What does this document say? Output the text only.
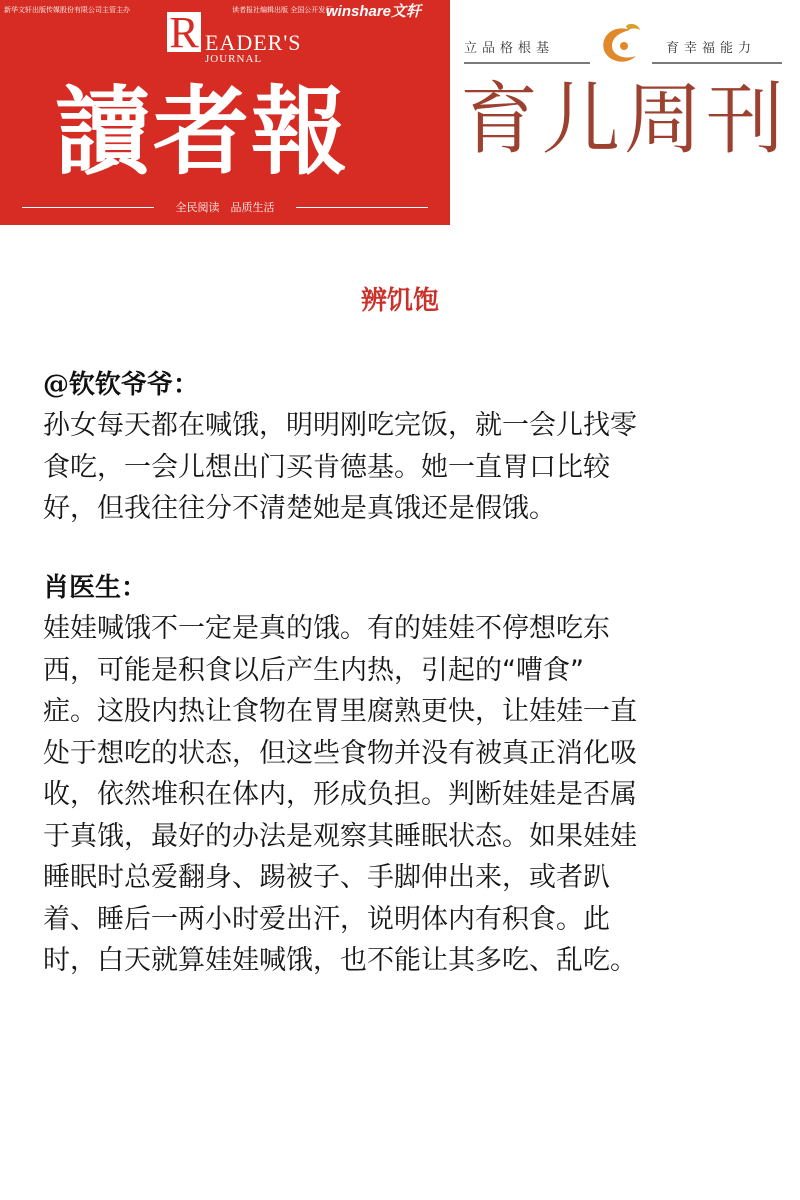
新华文轩出版传媒股份有限公司主管主办	读者报社编辑出版 全国公开发行
winshare文轩
R EADER'S
JOURNAL
讀者報
全民阅读　品质生活
立品格根基	育幸福能力
育儿周刊
辨饥饱
@钦钦爷爷：

孙女每天都在喊饿，明明刚吃完饭，就一会儿找零

食吃，一会儿想出门买肯德基。她一直胃口比较

好，但我往往分不清楚她是真饿还是假饿。

肖医生：

娃娃喊饿不一定是真的饿。有的娃娃不停想吃东

西，可能是积食以后产生内热，引起的“嘈食”

症。这股内热让食物在胃里腐熟更快，让娃娃一直

处于想吃的状态，但这些食物并没有被真正消化吸

收，依然堆积在体内，形成负担。判断娃娃是否属

于真饿，最好的办法是观察其睡眠状态。如果娃娃

睡眠时总爱翻身、踢被子、手脚伸出来，或者趴

着、睡后一两小时爱出汗，说明体内有积食。此

时，白天就算娃娃喊饿，也不能让其多吃、乱吃。
